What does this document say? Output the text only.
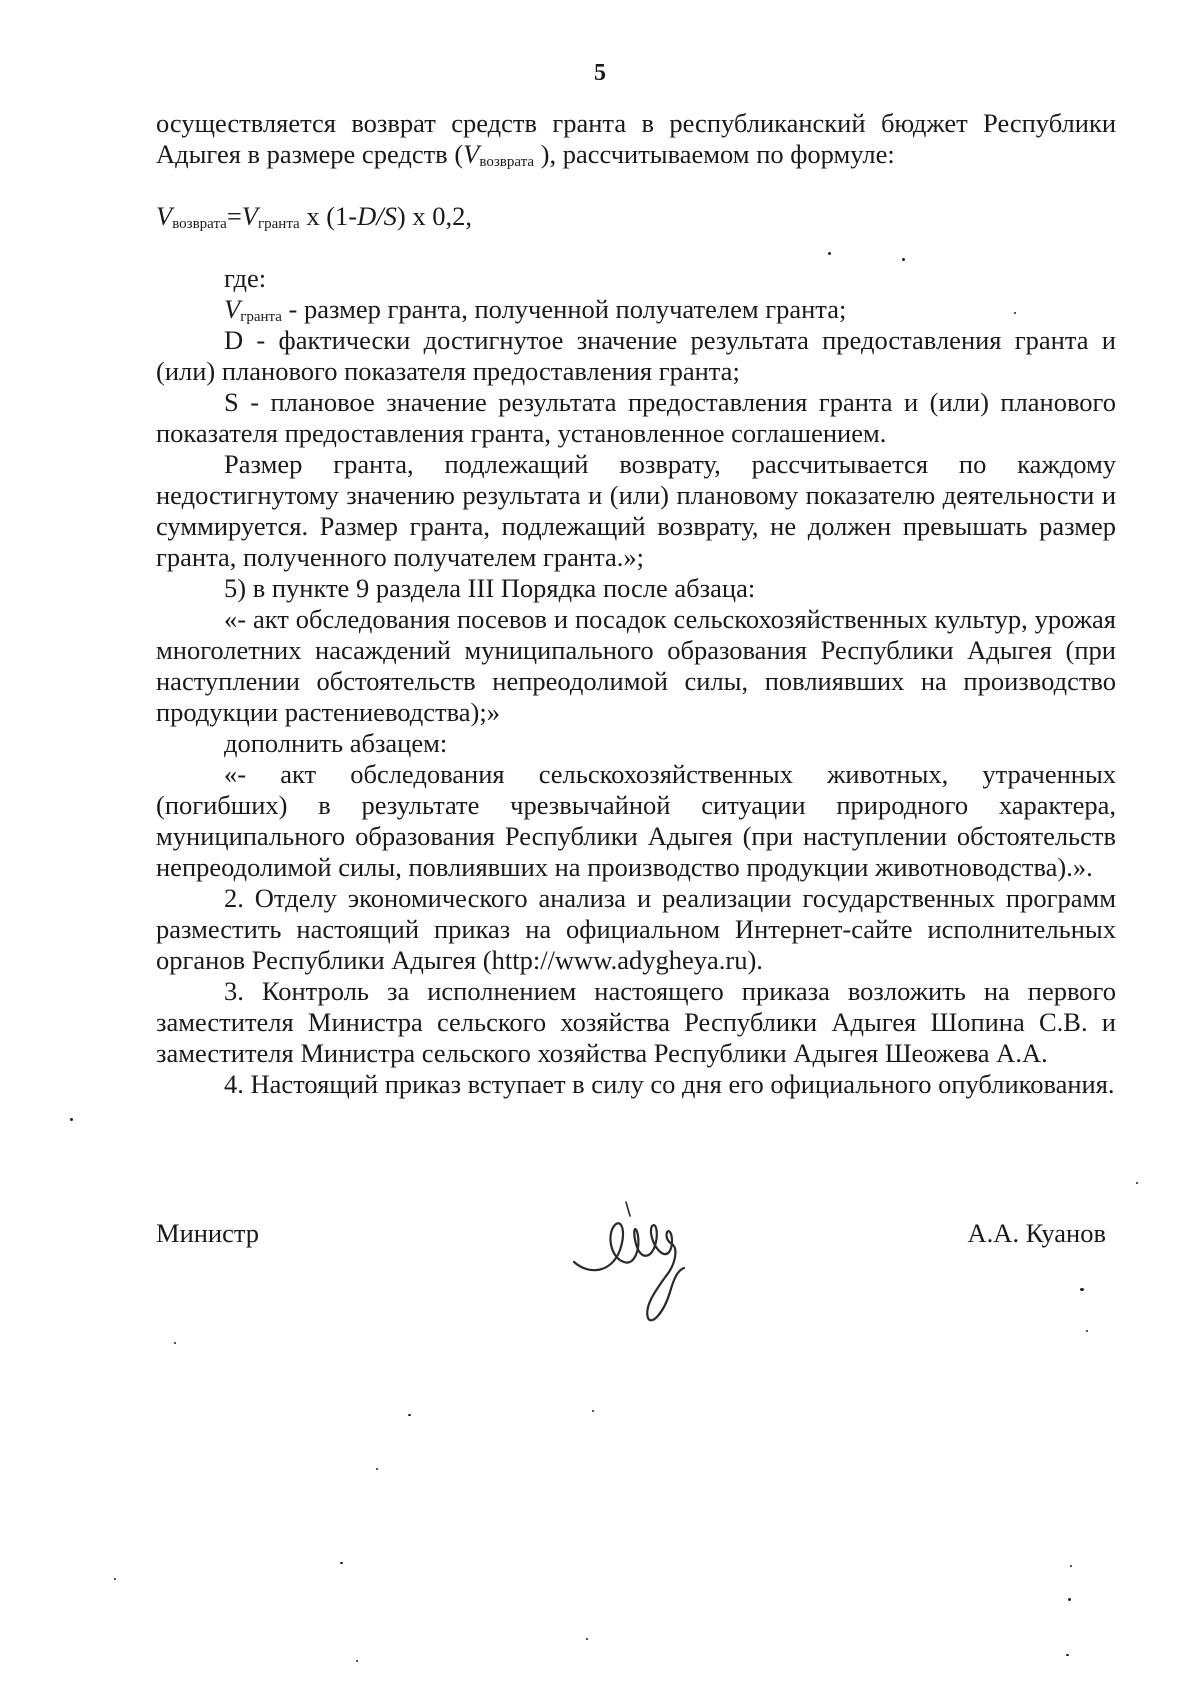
5

осуществляется возврат средств гранта в республиканский бюджет Республики Адыгея в размере средств ($V_{возврата}$ ), рассчитываемом по формуле:

$V_{возврата}=V_{гранта}$ х (1-D/S) х 0,2,

где:

$V_{гранта}$ - размер гранта, полученной получателем гранта;

D - фактически достигнутое значение результата предоставления гранта и (или) планового показателя предоставления гранта;

S - плановое значение результата предоставления гранта и (или) планового показателя предоставления гранта, установленное соглашением.

Размер гранта, подлежащий возврату, рассчитывается по каждому недостигнутому значению результата и (или) плановому показателю деятельности и суммируется. Размер гранта, подлежащий возврату, не должен превышать размер гранта, полученного получателем гранта.»;

5) в пункте 9 раздела III Порядка после абзаца:

«- акт обследования посевов и посадок сельскохозяйственных культур, урожая многолетних насаждений муниципального образования Республики Адыгея (при наступлении обстоятельств непреодолимой силы, повлиявших на производство продукции растениеводства);»

дополнить абзацем:

«- акт обследования сельскохозяйственных животных, утраченных (погибших) в результате чрезвычайной ситуации природного характера, муниципального образования Республики Адыгея (при наступлении обстоятельств непреодолимой силы, повлиявших на производство продукции животноводства).».

2. Отделу экономического анализа и реализации государственных программ разместить настоящий приказ на официальном Интернет-сайте исполнительных органов Республики Адыгея (http://www.adygheya.ru).

3. Контроль за исполнением настоящего приказа возложить на первого заместителя Министра сельского хозяйства Республики Адыгея Шопина С.В. и заместителя Министра сельского хозяйства Республики Адыгея Шеожева А.А.

4. Настоящий приказ вступает в силу со дня его официального опубликования.

Министр	А.А. Куанов
